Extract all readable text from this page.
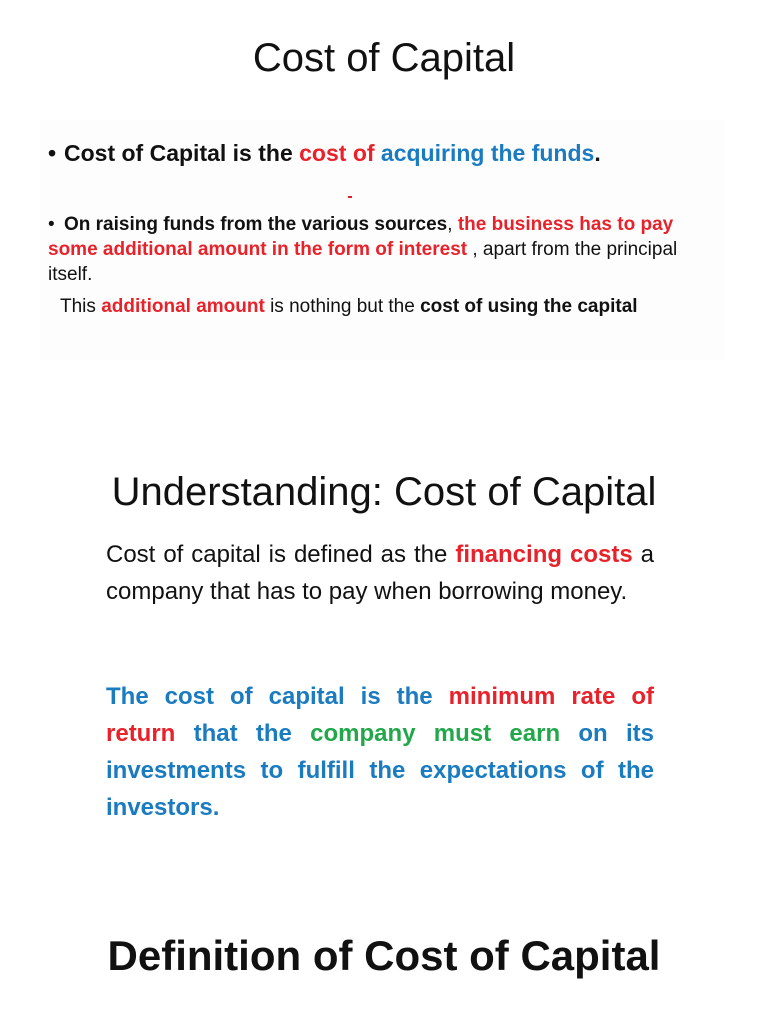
Cost of Capital

• Cost of Capital is the cost of acquiring the funds.

• On raising funds from the various sources, the business has to pay some additional amount in the form of interest , apart from the principal itself.

This additional amount is nothing but the cost of using the capital

Understanding: Cost of Capital

Cost of capital is defined as the financing costs a company that has to pay when borrowing money.

The cost of capital is the minimum rate of return that the company must earn on its investments to fulfill the expectations of the investors.

Definition of Cost of Capital
